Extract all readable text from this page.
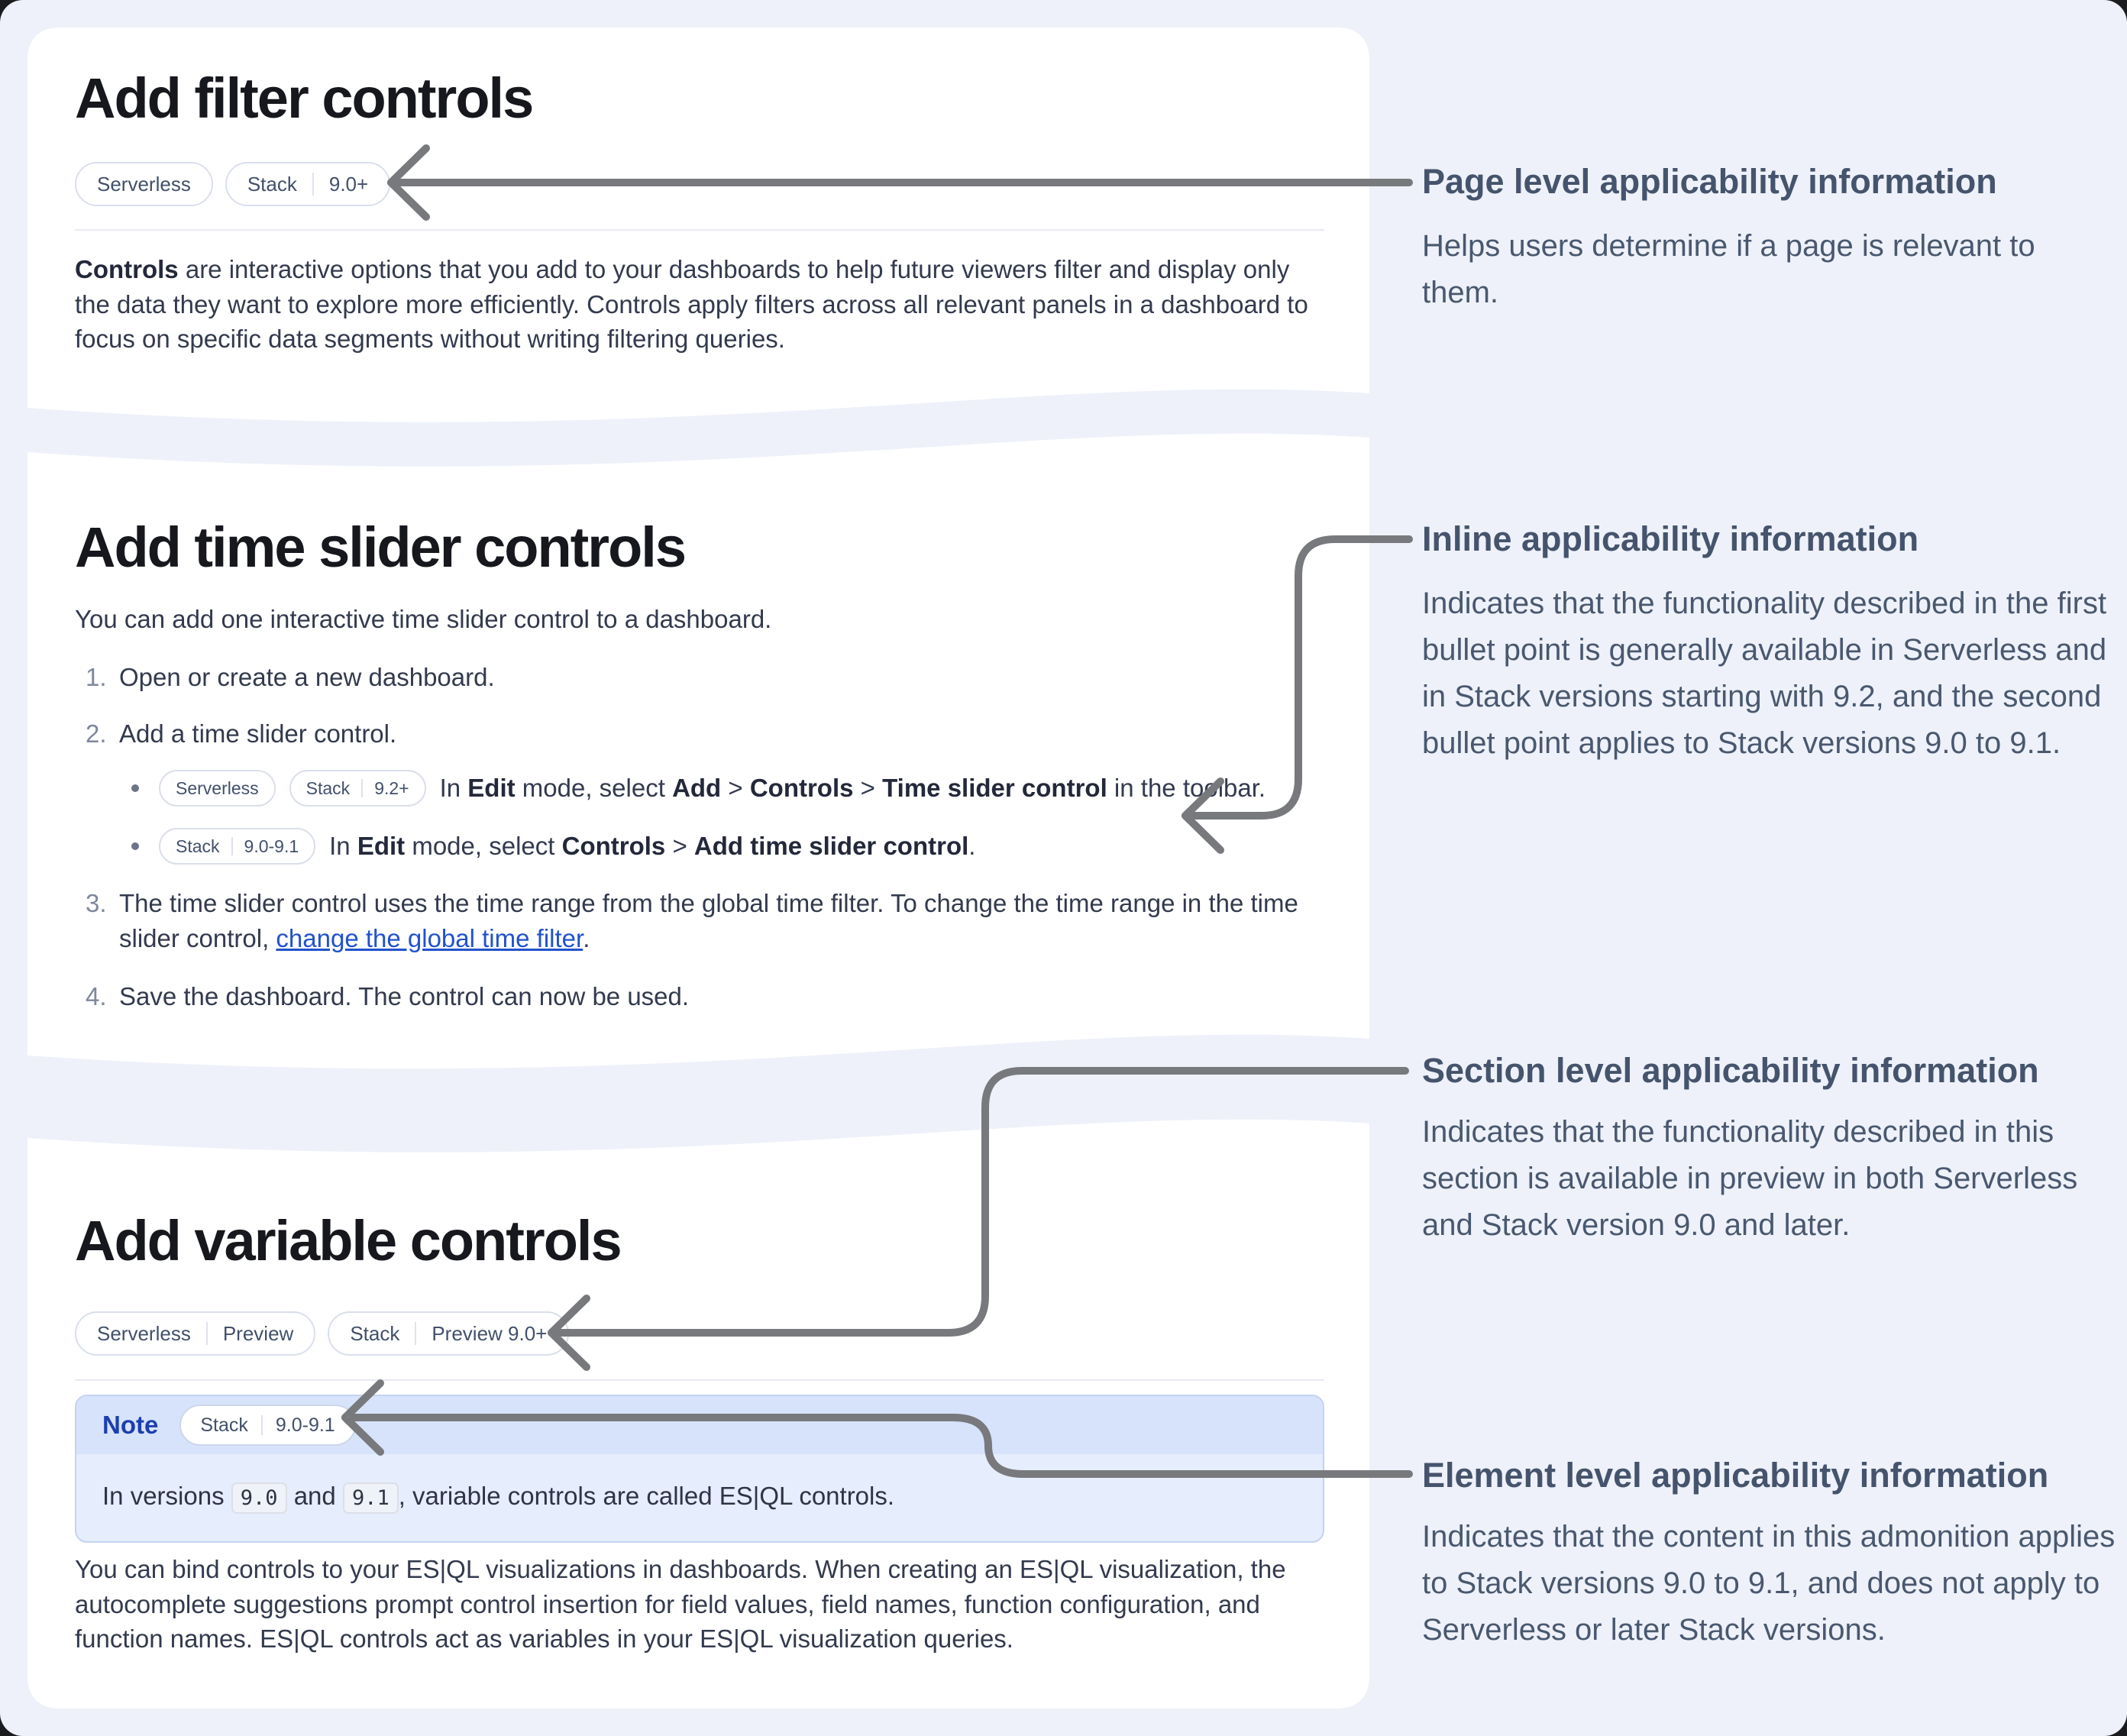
Add filter controls
Serverless	Stack 9.0+
Controls are interactive options that you add to your dashboards to help future viewers filter and display only the data they want to explore more efficiently. Controls apply filters across all relevant panels in a dashboard to focus on specific data segments without writing filtering queries.
Add time slider controls
You can add one interactive time slider control to a dashboard.
1. Open or create a new dashboard.
2. Add a time slider control.
Serverless	Stack 9.2+ In Edit mode, select Add > Controls > Time slider control in the toolbar.
Stack 9.0-9.1 In Edit mode, select Controls > Add time slider control.
3. The time slider control uses the time range from the global time filter. To change the time range in the time slider control, change the global time filter.
4. Save the dashboard. The control can now be used.
Add variable controls
Serverless Preview	Stack Preview 9.0+
Note Stack 9.0-9.1
In versions 9.0 and 9.1 , variable controls are called ES|QL controls.
You can bind controls to your ES|QL visualizations in dashboards. When creating an ES|QL visualization, the autocomplete suggestions prompt control insertion for field values, field names, function configuration, and function names. ES|QL controls act as variables in your ES|QL visualization queries.
Page level applicability information
Helps users determine if a page is relevant to them.
Inline applicability information
Indicates that the functionality described in the first bullet point is generally available in Serverless and in Stack versions starting with 9.2, and the second bullet point applies to Stack versions 9.0 to 9.1.
Section level applicability information
Indicates that the functionality described in this section is available in preview in both Serverless and Stack version 9.0 and later.
Element level applicability information
Indicates that the content in this admonition applies to Stack versions 9.0 to 9.1, and does not apply to Serverless or later Stack versions.
